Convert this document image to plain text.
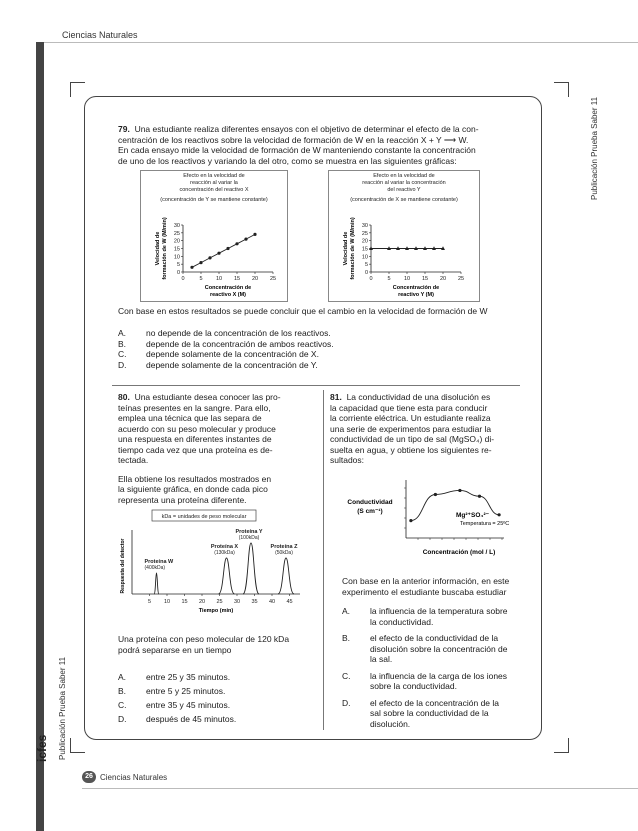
Ciencias Naturales
Publicación Prueba Saber 11
Publicación Prueba Saber 11
icfes
79. Una estudiante realiza diferentes ensayos con el objetivo de determinar el efecto de la con-
centración de los reactivos sobre la velocidad de formación de W en la reacción X + Y ⟶ W.
En cada ensayo mide la velocidad de formación de W manteniendo constante la concentración
de uno de los reactivos y variando la del otro, como se muestra en las siguientes gráficas:
Efecto en la velocidad de
reacción al variar la
concentración del reactivo X
(concentración de Y se mantiene constante)
0	5 10 15 20 25
0
5
10
15
20
25
30
Velocidad de formación de W (M/min)
Concentración de
reactivo X (M)
Efecto en la velocidad de
reacción al variar la concentración
del reactivo Y
(concentración de X se mantiene constante)
0	5 10 15 20 25
0
5
10
15
20
25
30
Velocidad de formación de W (M/min)
Concentración de
reactivo Y (M)
Con base en estos resultados se puede concluir que el cambio en la velocidad de formación de W
A. no depende de la concentración de los reactivos.
B. depende de la concentración de ambos reactivos.
C. depende solamente de la concentración de X.
D. depende solamente de la concentración de Y.
80. Una estudiante desea conocer las pro-
teínas presentes en la sangre. Para ello,
emplea una técnica que las separa de
acuerdo con su peso molecular y produce
una respuesta en diferentes instantes de
tiempo cada vez que una proteína es de-
tectada.
Ella obtiene los resultados mostrados en
la siguiente gráfica, en donde cada pico
representa una proteína diferente.
kDa = unidades de peso molecular
5 10 15 20 25 30 35 40 45
Respuesta del detector
Tiempo (min)
Proteína W
(400kDa)
Proteína X
(130kDa)
Proteína Y
(100kDa)
Proteína Z
(50kDa)
Una proteína con peso molecular de 120 kDa
podrá separarse en un tiempo
A. entre 25 y 35 minutos.
B. entre 5 y 25 minutos.
C. entre 35 y 45 minutos.
D. después de 45 minutos.
81. La conductividad de una disolución es
la capacidad que tiene esta para conducir
la corriente eléctrica. Un estudiante realiza
una serie de experimentos para estudiar la
conductividad de un tipo de sal (MgSO₄) di-
suelta en agua, y obtiene los siguientes re-
sultados:
Conductividad
(S cm⁻¹)
Concentración (mol / L)
Mg²⁺SO₄²⁻
Temperatura = 25ºC
Con base en la anterior información, en este
experimento el estudiante buscaba estudiar
A.	la influencia de la temperatura sobre
la conductividad.
B.	el efecto de la conductividad de la
disolución sobre la concentración de
la sal.
C.	la influencia de la carga de los iones
sobre la conductividad.
D.	el efecto de la concentración de la
sal sobre la conductividad de la
disolución.
26 Ciencias Naturales
